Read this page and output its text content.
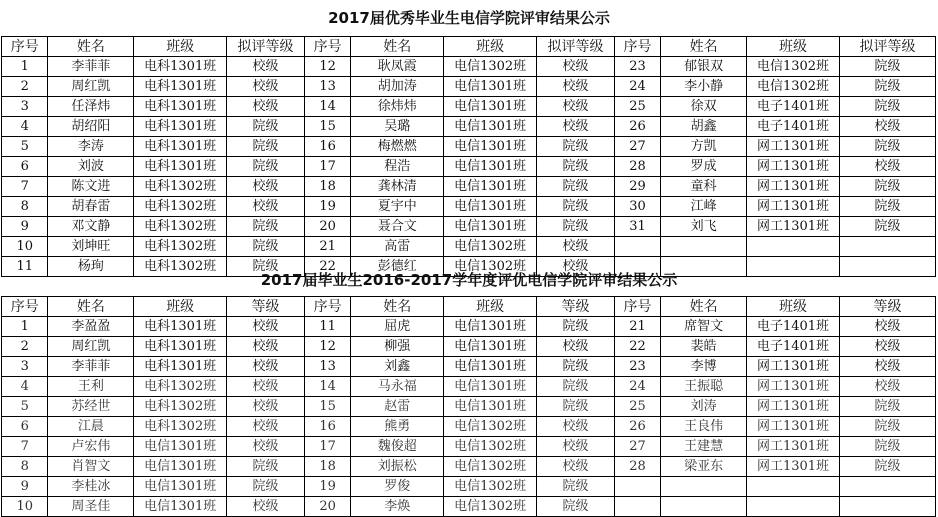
2017届优秀毕业生电信学院评审结果公示
序号	姓名	班级	拟评等级	序号	姓名	班级	拟评等级	序号	姓名	班级	拟评等级
1	李菲菲	电科1301班	校级	12	耿凤霞	电信1302班	校级	23	郁银双	电信1302班	院级
2	周红凯	电科1301班	校级	13	胡加涛	电信1301班	校级	24	李小静	电信1302班	院级
3	任泽炜	电科1301班	校级	14	徐炜炜	电信1301班	校级	25	徐双	电子1401班	院级
4	胡绍阳	电科1301班	院级	15	吴璐	电信1301班	校级	26	胡鑫	电子1401班	校级
5	李涛	电科1301班	院级	16	梅燃燃	电信1301班	院级	27	方凯	网工1301班	院级
6	刘波	电科1301班	院级	17	程浩	电信1301班	院级	28	罗成	网工1301班	校级
7	陈文进	电科1302班	校级	18	龚林清	电信1301班	院级	29	童科	网工1301班	院级
8	胡春雷	电科1302班	校级	19	夏宇中	电信1301班	院级	30	江峰	网工1301班	院级
9	邓文静	电科1302班	院级	20	聂合文	电信1301班	院级	31	刘飞	网工1301班	院级
10	刘坤旺	电科1302班	院级	21	高雷	电信1302班	校级				
11	杨珣	电科1302班	院级	22	彭德红	电信1302班	校级				
2017届毕业生2016-2017学年度评优电信学院评审结果公示
序号	姓名	班级	等级	序号	姓名	班级	等级	序号	姓名	班级	等级
1	李盈盈	电科1301班	校级	11	屈虎	电信1301班	院级	21	席智文	电子1401班	校级
2	周红凯	电科1301班	校级	12	柳强	电信1301班	校级	22	裴皓	电子1401班	校级
3	李菲菲	电科1301班	校级	13	刘鑫	电信1301班	院级	23	李博	网工1301班	校级
4	王利	电科1302班	校级	14	马永福	电信1301班	院级	24	王振聪	网工1301班	校级
5	苏经世	电科1302班	校级	15	赵雷	电信1301班	院级	25	刘涛	网工1301班	院级
6	江晨	电科1302班	校级	16	熊勇	电信1302班	校级	26	王良伟	网工1301班	院级
7	卢宏伟	电信1301班	校级	17	魏俊超	电信1302班	校级	27	王建慧	网工1301班	院级
8	肖智文	电信1301班	院级	18	刘振松	电信1302班	校级	28	梁亚东	网工1301班	院级
9	李桂冰	电信1301班	院级	19	罗俊	电信1302班	院级				
10	周圣佳	电信1301班	校级	20	李焕	电信1302班	院级				
